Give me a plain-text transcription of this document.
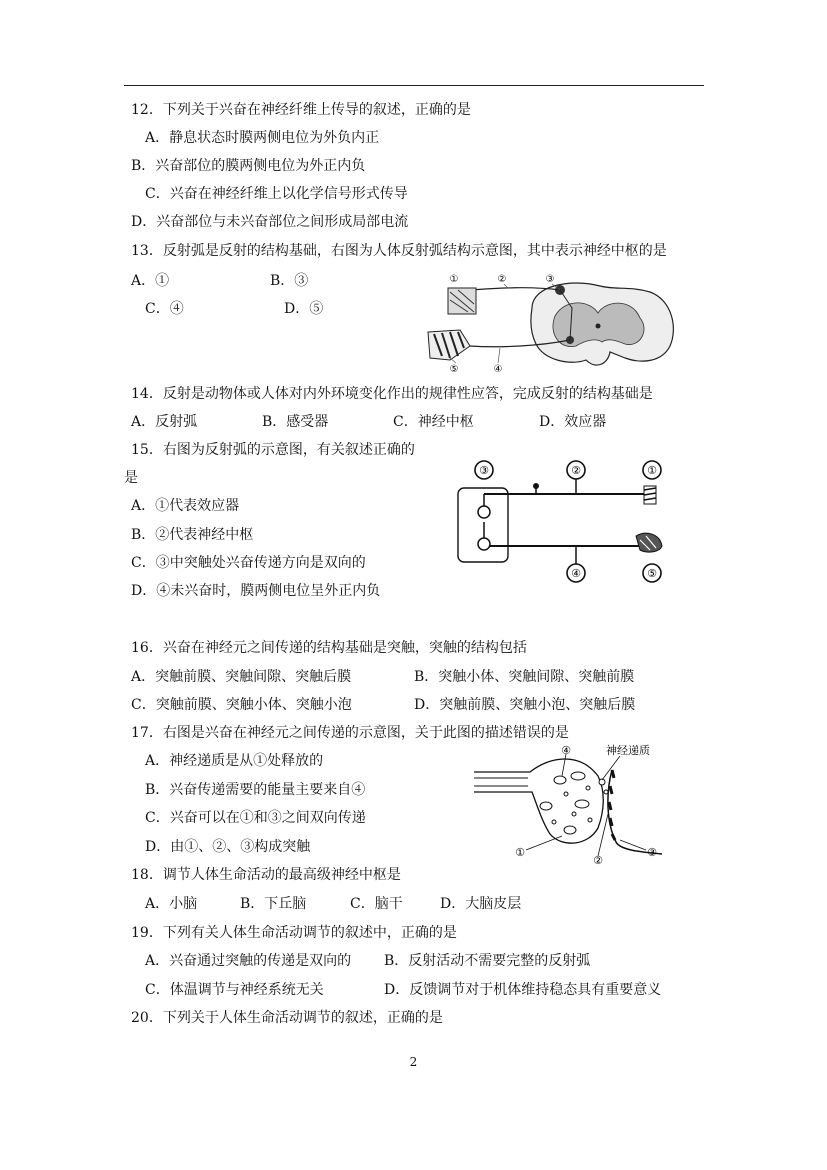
12．下列关于兴奋在神经纤维上传导的叙述，正确的是
A．静息状态时膜两侧电位为外负内正
B．兴奋部位的膜两侧电位为外正内负
C．兴奋在神经纤维上以化学信号形式传导
D．兴奋部位与未兴奋部位之间形成局部电流
13．反射弧是反射的结构基础，右图为人体反射弧结构示意图，其中表示神经中枢的是
A．①	B．③
C．④	D．⑤
①	②	③
④
⑤
14．反射是动物体或人体对内外环境变化作出的规律性应答，完成反射的结构基础是
A．反射弧	B．感受器	C．神经中枢	D．效应器
15．右图为反射弧的示意图，有关叙述正确的
是
A．①代表效应器
B．②代表神经中枢
C．③中突触处兴奋传递方向是双向的
D．④未兴奋时，膜两侧电位呈外正内负
③	②	①
④	⑤
16．兴奋在神经元之间传递的结构基础是突触，突触的结构包括
A．突触前膜、突触间隙、突触后膜	B．突触小体、突触间隙、突触前膜
C．突触前膜、突触小体、突触小泡	D．突触前膜、突触小泡、突触后膜
17．右图是兴奋在神经元之间传递的示意图，关于此图的描述错误的是
A．神经递质是从①处释放的
B．兴奋传递需要的能量主要来自④
C．兴奋可以在①和③之间双向传递
D．由①、②、③构成突触
④	神经递质
①
②
③
18．调节人体生命活动的最高级神经中枢是
A．小脑	B．下丘脑	C．脑干	D．大脑皮层
19．下列有关人体生命活动调节的叙述中，正确的是
A．兴奋通过突触的传递是双向的 B．反射活动不需要完整的反射弧
C．体温调节与神经系统无关	D．反馈调节对于机体维持稳态具有重要意义
20．下列关于人体生命活动调节的叙述，正确的是
2
